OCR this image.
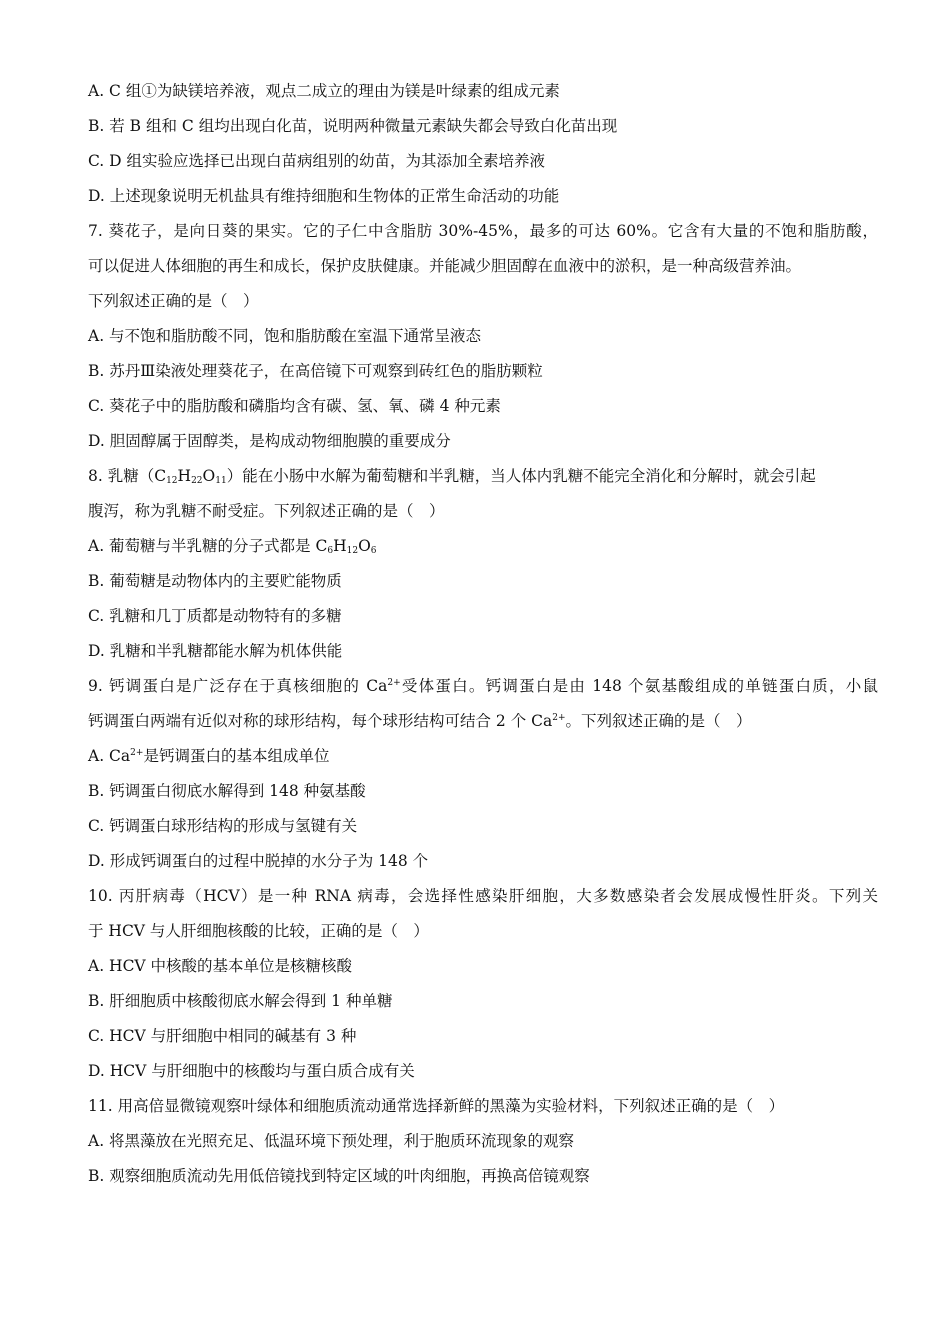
A. C 组①为缺镁培养液，观点二成立的理由为镁是叶绿素的组成元素
B. 若 B 组和 C 组均出现白化苗，说明两种微量元素缺失都会导致白化苗出现
C. D 组实验应选择已出现白苗病组别的幼苗，为其添加全素培养液
D. 上述现象说明无机盐具有维持细胞和生物体的正常生命活动的功能
7. 葵花子，是向日葵的果实。它的子仁中含脂肪 30%-45%，最多的可达 60%。它含有大量的不饱和脂肪酸，
可以促进人体细胞的再生和成长，保护皮肤健康。并能减少胆固醇在血液中的淤积，是一种高级营养油。
下列叙述正确的是（　）
A. 与不饱和脂肪酸不同，饱和脂肪酸在室温下通常呈液态
B. 苏丹Ⅲ染液处理葵花子，在高倍镜下可观察到砖红色的脂肪颗粒
C. 葵花子中的脂肪酸和磷脂均含有碳、氢、氧、磷 4 种元素
D. 胆固醇属于固醇类，是构成动物细胞膜的重要成分
8. 乳糖$(C_{12}H_{22}O_{11})$能在小肠中水解为葡萄糖和半乳糖，当人体内乳糖不能完全消化和分解时，就会引起
腹泻，称为乳糖不耐受症。下列叙述正确的是（　）
A. 葡萄糖与半乳糖的分子式都是 $C_6H_{12}O_6$
B. 葡萄糖是动物体内的主要贮能物质
C. 乳糖和几丁质都是动物特有的多糖
D. 乳糖和半乳糖都能水解为机体供能
9. 钙调蛋白是广泛存在于真核细胞的 $Ca^{2+}$受体蛋白。钙调蛋白是由 148 个氨基酸组成的单链蛋白质，小鼠
钙调蛋白两端有近似对称的球形结构，每个球形结构可结合 2 个 $Ca^{2+}$。下列叙述正确的是（　）
A. $Ca^{2+}$是钙调蛋白的基本组成单位
B. 钙调蛋白彻底水解得到 148 种氨基酸
C. 钙调蛋白球形结构的形成与氢键有关
D. 形成钙调蛋白的过程中脱掉的水分子为 148 个
10. 丙肝病毒（HCV）是一种 RNA 病毒，会选择性感染肝细胞，大多数感染者会发展成慢性肝炎。下列关
于 HCV 与人肝细胞核酸的比较，正确的是（　）
A. HCV 中核酸的基本单位是核糖核酸
B. 肝细胞质中核酸彻底水解会得到 1 种单糖
C. HCV 与肝细胞中相同的碱基有 3 种
D. HCV 与肝细胞中的核酸均与蛋白质合成有关
11. 用高倍显微镜观察叶绿体和细胞质流动通常选择新鲜的黑藻为实验材料，下列叙述正确的是（　）
A. 将黑藻放在光照充足、低温环境下预处理，利于胞质环流现象的观察
B. 观察细胞质流动先用低倍镜找到特定区域的叶肉细胞，再换高倍镜观察
